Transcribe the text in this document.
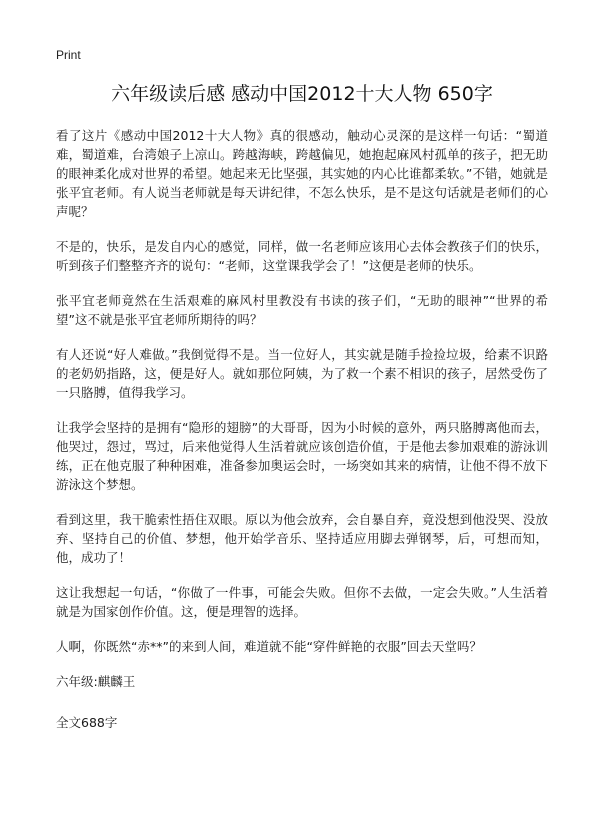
Print
六年级读后感 感动中国2012十大人物 650字

看了这片《感动中国2012十大人物》真的很感动，触动心灵深的是这样一句话：“蜀道难，蜀道难，台湾娘子上凉山。跨越海峡，跨越偏见，她抱起麻风村孤单的孩子，把无助的眼神柔化成对世界的希望。她起来无比坚强，其实她的内心比谁都柔软。”不错，她就是张平宜老师。有人说当老师就是每天讲纪律，不怎么快乐，是不是这句话就是老师们的心声呢？

不是的，快乐，是发自内心的感觉，同样，做一名老师应该用心去体会教孩子们的快乐，听到孩子们整整齐齐的说句：“老师，这堂课我学会了！”这便是老师的快乐。

张平宜老师竟然在生活艰难的麻风村里教没有书读的孩子们，“无助的眼神”“世界的希望”这不就是张平宜老师所期待的吗？

有人还说“好人难做。”我倒觉得不是。当一位好人，其实就是随手捡捡垃圾，给素不识路的老奶奶指路，这，便是好人。就如那位阿姨，为了救一个素不相识的孩子，居然受伤了一只胳膊，值得我学习。

让我学会坚持的是拥有“隐形的翅膀”的大哥哥，因为小时候的意外，两只胳膊离他而去，他哭过，怨过，骂过，后来他觉得人生活着就应该创造价值，于是他去参加艰难的游泳训练，正在他克服了种种困难，准备参加奥运会时，一场突如其来的病情，让他不得不放下游泳这个梦想。

看到这里，我干脆索性捂住双眼。原以为他会放弃，会自暴自弃，竟没想到他没哭、没放弃、坚持自己的价值、梦想，他开始学音乐、坚持适应用脚去弹钢琴，后，可想而知，他，成功了！

这让我想起一句话，“你做了一件事，可能会失败。但你不去做，一定会失败。”人生活着就是为国家创作价值。这，便是理智的选择。

人啊，你既然“赤**”的来到人间，难道就不能“穿件鲜艳的衣服”回去天堂吗？

六年级:麒麟王

全文688字
